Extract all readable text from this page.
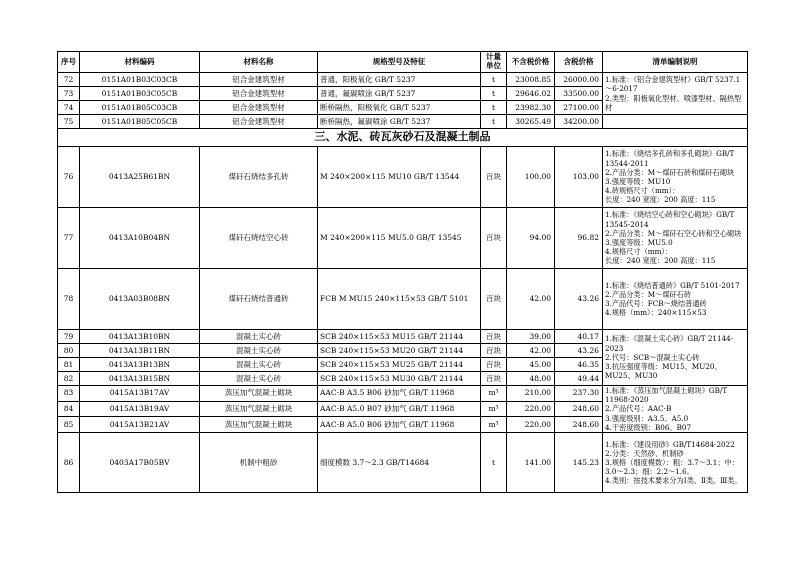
序号	材料编码	材料名称	规格型号及特征	计量单位	不含税价格	含税价格	清单编制说明
72	0151A01B03C03CB	铝合金建筑型材	普通，阳极氧化 GB/T 5237	t	23008.85	26000.00	1.标准：《铝合金建筑型材》GB/T 5237.1～6-2017
2.类型：阳极氧化型材、喷漆型材、隔热型材
73	0151A01B03C05CB	铝合金建筑型材	普通，氟碳喷涂 GB/T 5237	t	29646.02	33500.00	
74	0151A01B05C03CB	铝合金建筑型材	断桥隔热，阳极氧化 GB/T 5237	t	23982.30	27100.00	
75	0151A01B05C05CB	铝合金建筑型材	断桥隔热，氟碳喷涂 GB/T 5237	t	30265.49	34200.00	
三、水泥、砖瓦灰砂石及混凝土制品							
76	0413A25B61BN	煤矸石烧结多孔砖	M 240×200×115 MU10 GB/T 13544	百块	100.00	103.00	1.标准：《烧结多孔砖和多孔砌块》GB/T 13544-2011
2.产品分类：M～煤矸石砖和煤矸石砌块
3.强度等级：MU10
4.砖规格尺寸（mm）：
长度：240 宽度：200 高度：115
77	0413A10B04BN	煤矸石烧结空心砖	M 240×200×115 MU5.0 GB/T 13545	百块	94.00	96.82	1.标准：《烧结空心砖和空心砌块》GB/T 13545-2014
2.产品分类：M～煤矸石空心砖和空心砌块
3.强度等级：MU5.0
4.规格尺寸（mm）：
长度：240 宽度：200 高度：115
78	0413A03B08BN	煤矸石烧结普通砖	FCB M MU15 240×115×53 GB/T 5101	百块	42.00	43.26	1.标准：《烧结普通砖》GB/T 5101-2017
2.产品分类：M～煤矸石砖
3.产品代号：FCB～烧结普通砖
4.规格（mm）：240×115×53
79	0413A13B10BN	混凝土实心砖	SCB 240×115×53 MU15 GB/T 21144	百块	39.00	40.17	1.标准：《混凝土实心砖》GB/T 21144-2023
2.代号：SCB～混凝土实心砖
3.抗压强度等级：MU15、MU20、MU25、MU30
80	0413A13B11BN	混凝土实心砖	SCB 240×115×53 MU20 GB/T 21144	百块	42.00	43.26	
81	0413A13B13BN	混凝土实心砖	SCB 240×115×53 MU25 GB/T 21144	百块	45.00	46.35	
82	0413A13B15BN	混凝土实心砖	SCB 240×115×53 MU30 GB/T 21144	百块	48.00	49.44	
83	0415A13B17AV	蒸压加气混凝土砌块	AAC-B A3.5 B06 砂加气 GB/T 11968	m³	210.00	237.30	1.标准：《蒸压加气混凝土砌块》GB/T 11968-2020
2.产品代号：AAC-B
3.强度级别：A3.5、A5.0
4.干密度级别：B06、B07
84	0415A13B19AV	蒸压加气混凝土砌块	AAC-B A5.0 B07 砂加气 GB/T 11968	m³	220.00	248.60	
85	0415A13B21AV	蒸压加气混凝土砌块	AAC-B A5.0 B06 砂加气 GB/T 11968	m³	220.00	248.60	
86	0403A17B05BV	机制中粗砂	细度模数 3.7～2.3 GB/T14684	t	141.00	145.23	1.标准：《建设用砂》GB/T14684-2022
2.分类：天然砂、机制砂
3.规格（细度模数）：粗：3.7～3.1；中：3.0～2.3；细：2.2～1.6。
4.类别：按技术要求分为Ⅰ类、Ⅱ类、Ⅲ类。
